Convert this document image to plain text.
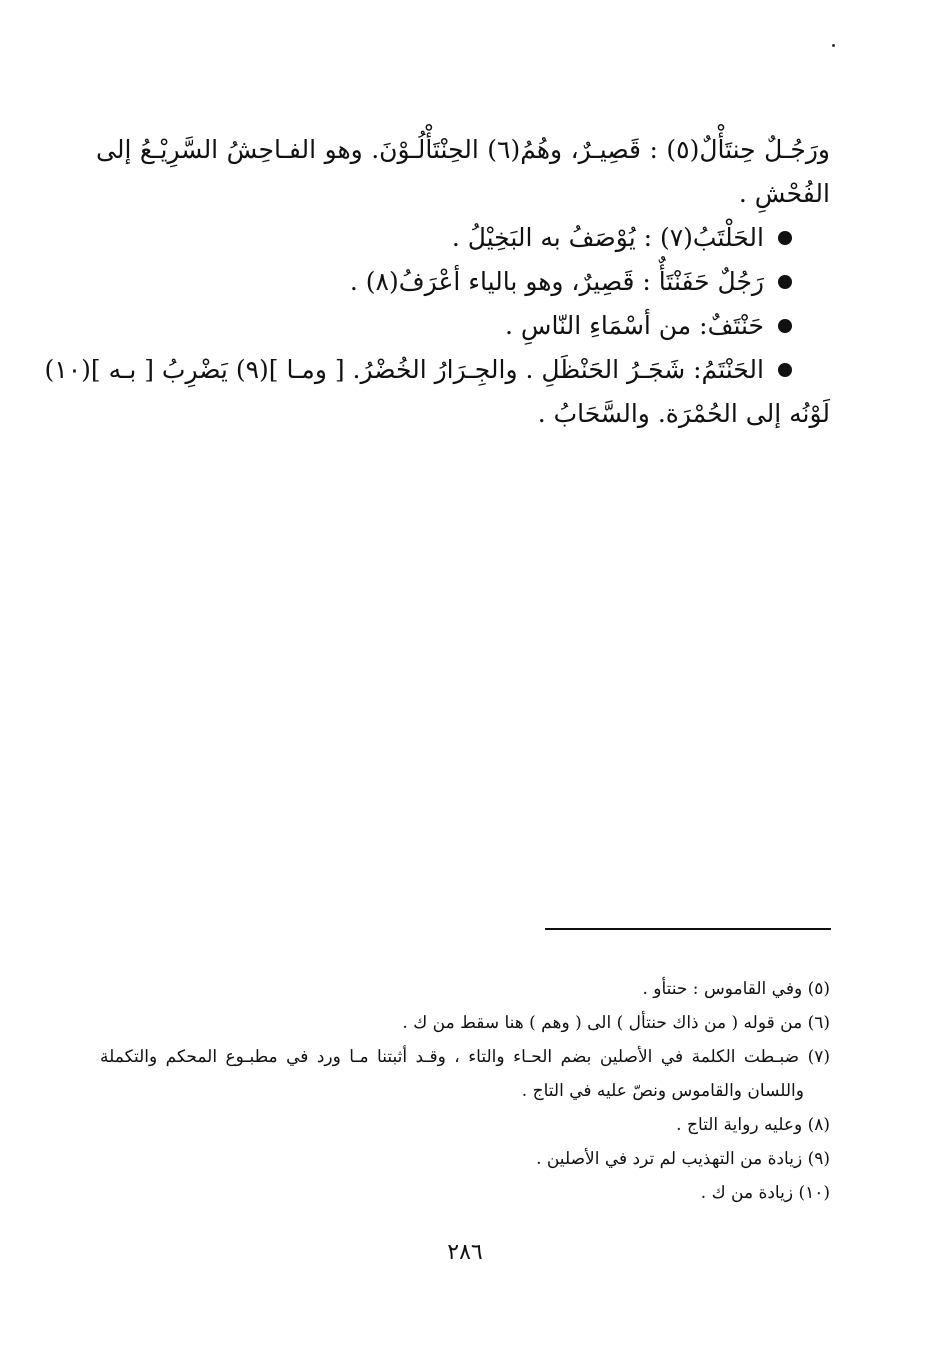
ورَجُـلٌ حِنتَأْلٌ(٥) : قَصِيـرٌ، وهُمُ(٦) الحِنْتَأْلُـوْنَ. وهو الفـاحِشُ السَّرِيْـعُ إلى
الفُحْشِ .
الحَلْتَبُ(٧) : يُوْصَفُ به البَخِيْلُ .
رَجُلٌ حَفَنْتَأٌ : قَصِيرٌ، وهو بالياء أعْرَفُ(٨) .
حَنْتَفٌ: من أسْمَاءِ النّاسِ .
الحَنْتَمُ: شَجَـرُ الحَنْظَلِ . والجِـرَارُ الخُضْرُ. [ ومـا ](٩) يَضْرِبُ [ بـه ](١٠)
لَوْنُه إلى الحُمْرَة. والسَّحَابُ .
(٥) وفي القاموس : حنتأو .
(٦) من قوله ( من ذاك حنتأل ) الى ( وهم ) هنا سقط من ك .
(٧) ضبـطت الكلمة في الأصلين بضم الحـاء والتاء ، وقـد أثبتنا مـا ورد في مطبـوع المحكم والتكملة
واللسان والقاموس ونصّ عليه في التاج .
(٨) وعليه رواية التاج .
(٩) زيادة من التهذيب لم ترد في الأصلين .
(١٠) زيادة من ك .
٢٨٦
